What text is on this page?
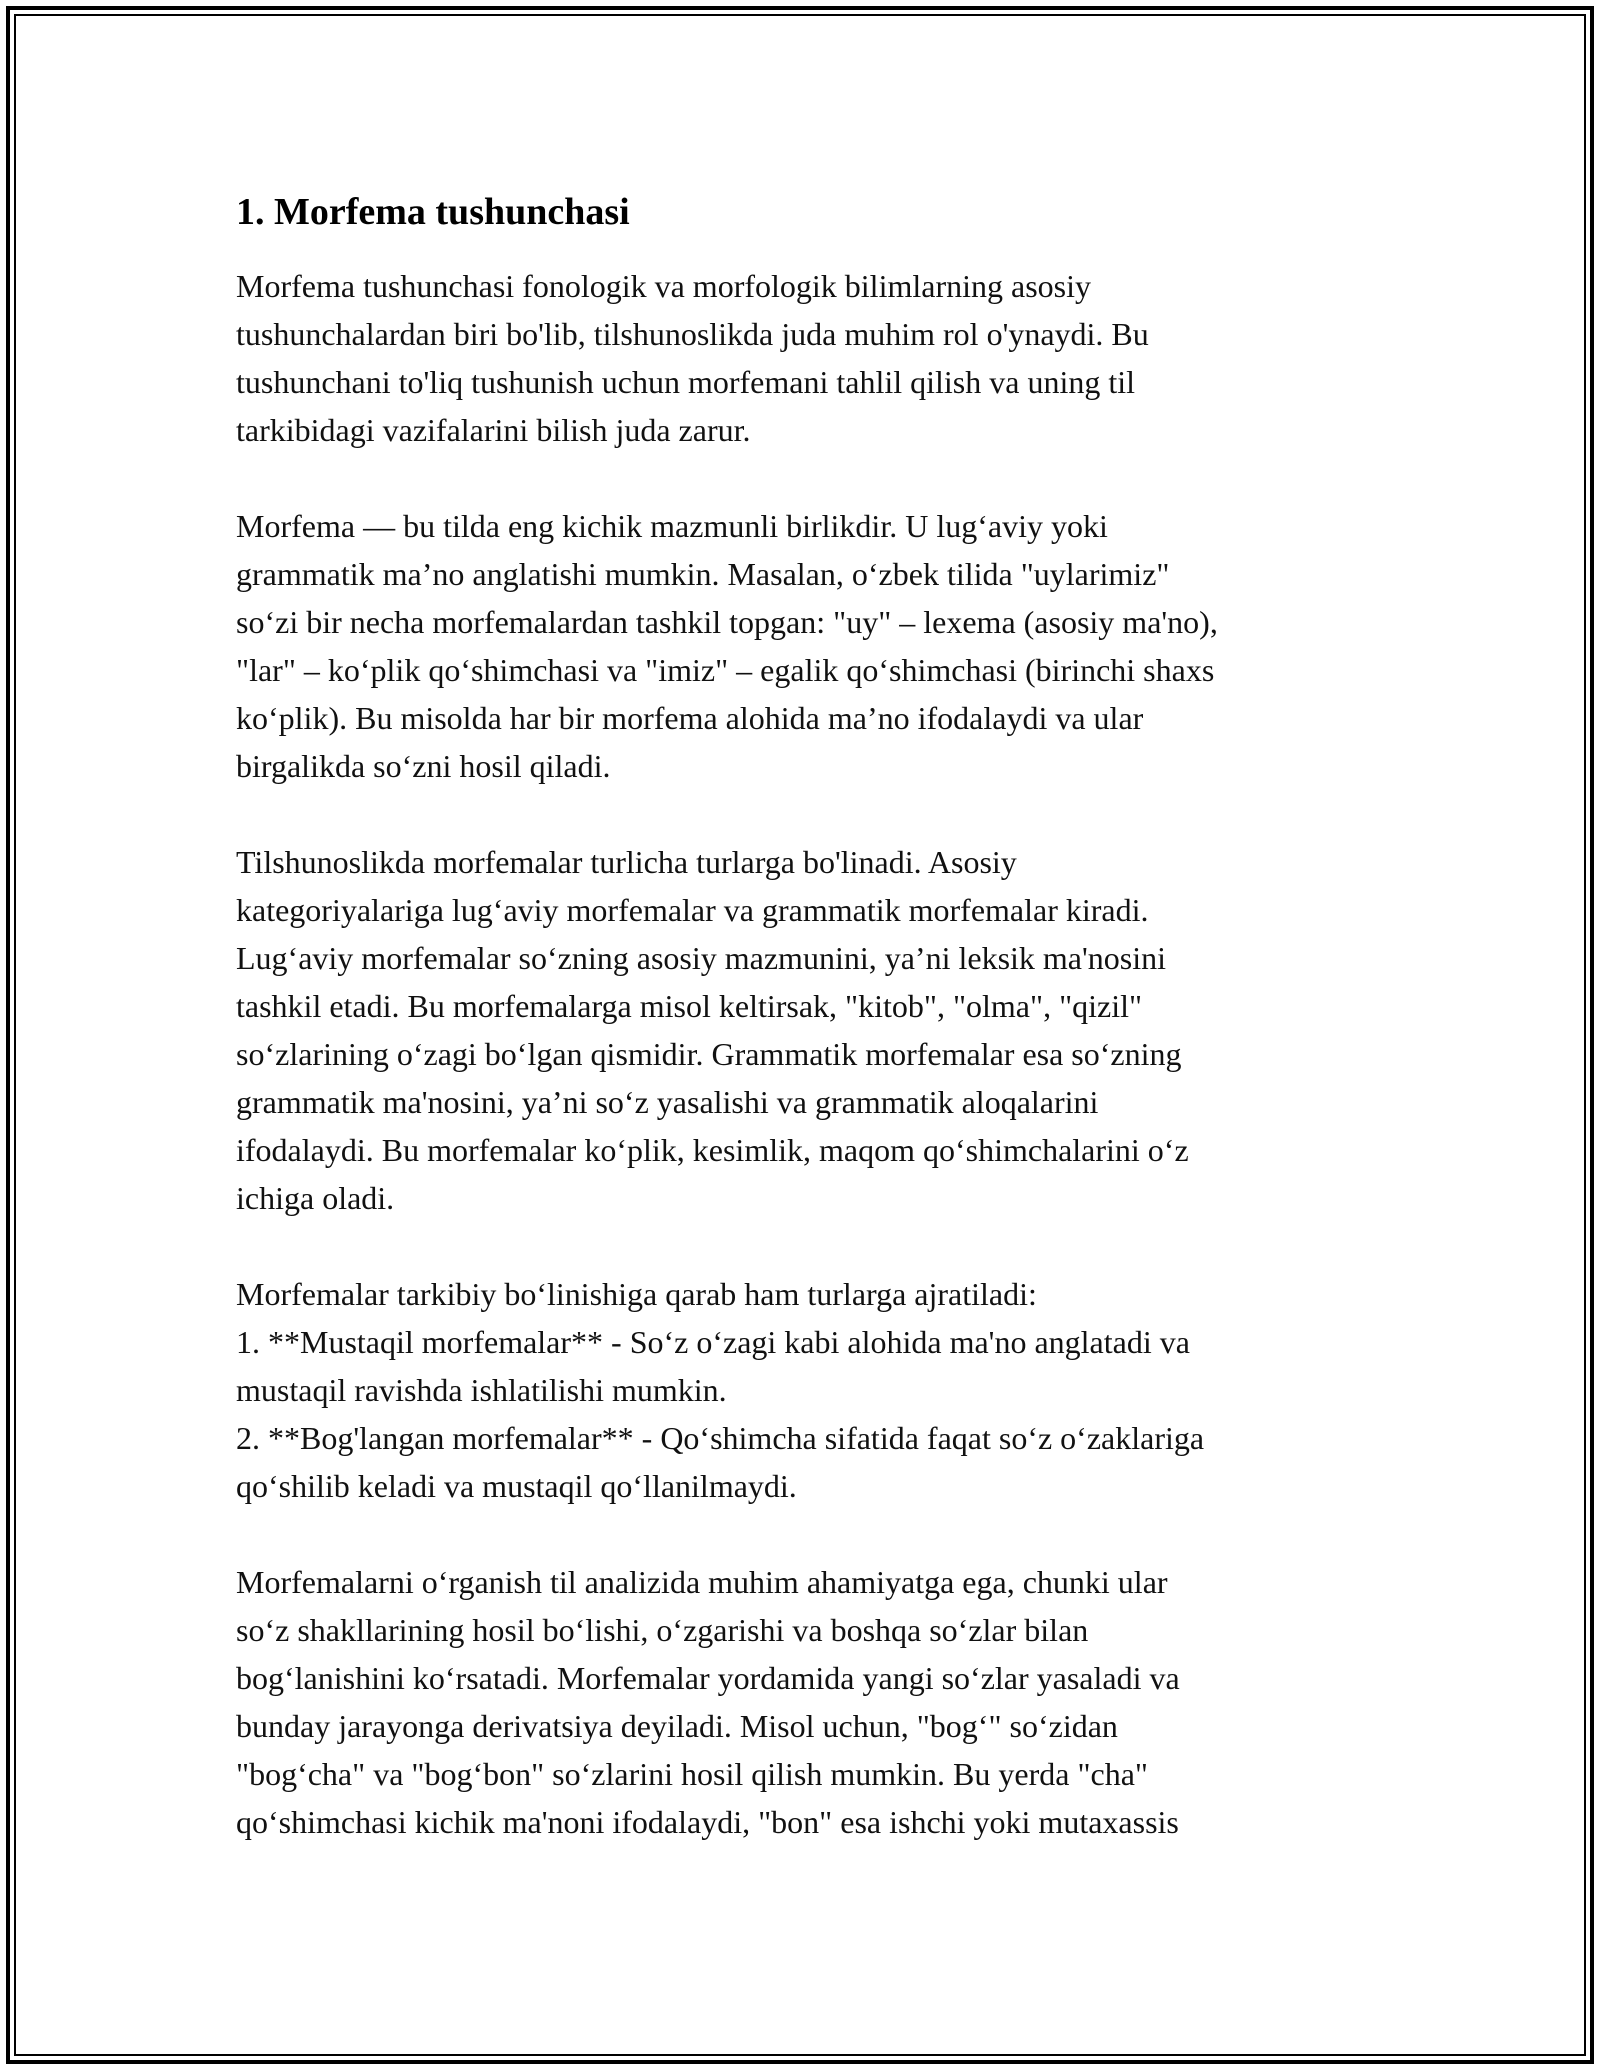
1. Morfema tushunchasi

Morfema tushunchasi fonologik va morfologik bilimlarning asosiy
tushunchalardan biri bo'lib, tilshunoslikda juda muhim rol o'ynaydi. Bu
tushunchani to'liq tushunish uchun morfemani tahlil qilish va uning til
tarkibidagi vazifalarini bilish juda zarur.

Morfema — bu tilda eng kichik mazmunli birlikdir. U lug‘aviy yoki
grammatik ma’no anglatishi mumkin. Masalan, o‘zbek tilida "uylarimiz"
so‘zi bir necha morfemalardan tashkil topgan: "uy" – lexema (asosiy ma'no),
"lar" – ko‘plik qo‘shimchasi va "imiz" – egalik qo‘shimchasi (birinchi shaxs
ko‘plik). Bu misolda har bir morfema alohida ma’no ifodalaydi va ular
birgalikda so‘zni hosil qiladi.

Tilshunoslikda morfemalar turlicha turlarga bo'linadi. Asosiy
kategoriyalariga lug‘aviy morfemalar va grammatik morfemalar kiradi.
Lug‘aviy morfemalar so‘zning asosiy mazmunini, ya’ni leksik ma'nosini
tashkil etadi. Bu morfemalarga misol keltirsak, "kitob", "olma", "qizil"
so‘zlarining o‘zagi bo‘lgan qismidir. Grammatik morfemalar esa so‘zning
grammatik ma'nosini, ya’ni so‘z yasalishi va grammatik aloqalarini
ifodalaydi. Bu morfemalar ko‘plik, kesimlik, maqom qo‘shimchalarini o‘z
ichiga oladi.

Morfemalar tarkibiy bo‘linishiga qarab ham turlarga ajratiladi:
1. **Mustaqil morfemalar** - So‘z o‘zagi kabi alohida ma'no anglatadi va
mustaqil ravishda ishlatilishi mumkin.
2. **Bog'langan morfemalar** - Qo‘shimcha sifatida faqat so‘z o‘zaklariga
qo‘shilib keladi va mustaqil qo‘llanilmaydi.

Morfemalarni o‘rganish til analizida muhim ahamiyatga ega, chunki ular
so‘z shakllarining hosil bo‘lishi, o‘zgarishi va boshqa so‘zlar bilan
bog‘lanishini ko‘rsatadi. Morfemalar yordamida yangi so‘zlar yasaladi va
bunday jarayonga derivatsiya deyiladi. Misol uchun, "bog‘" so‘zidan
"bog‘cha" va "bog‘bon" so‘zlarini hosil qilish mumkin. Bu yerda "cha"
qo‘shimchasi kichik ma'noni ifodalaydi, "bon" esa ishchi yoki mutaxassis
